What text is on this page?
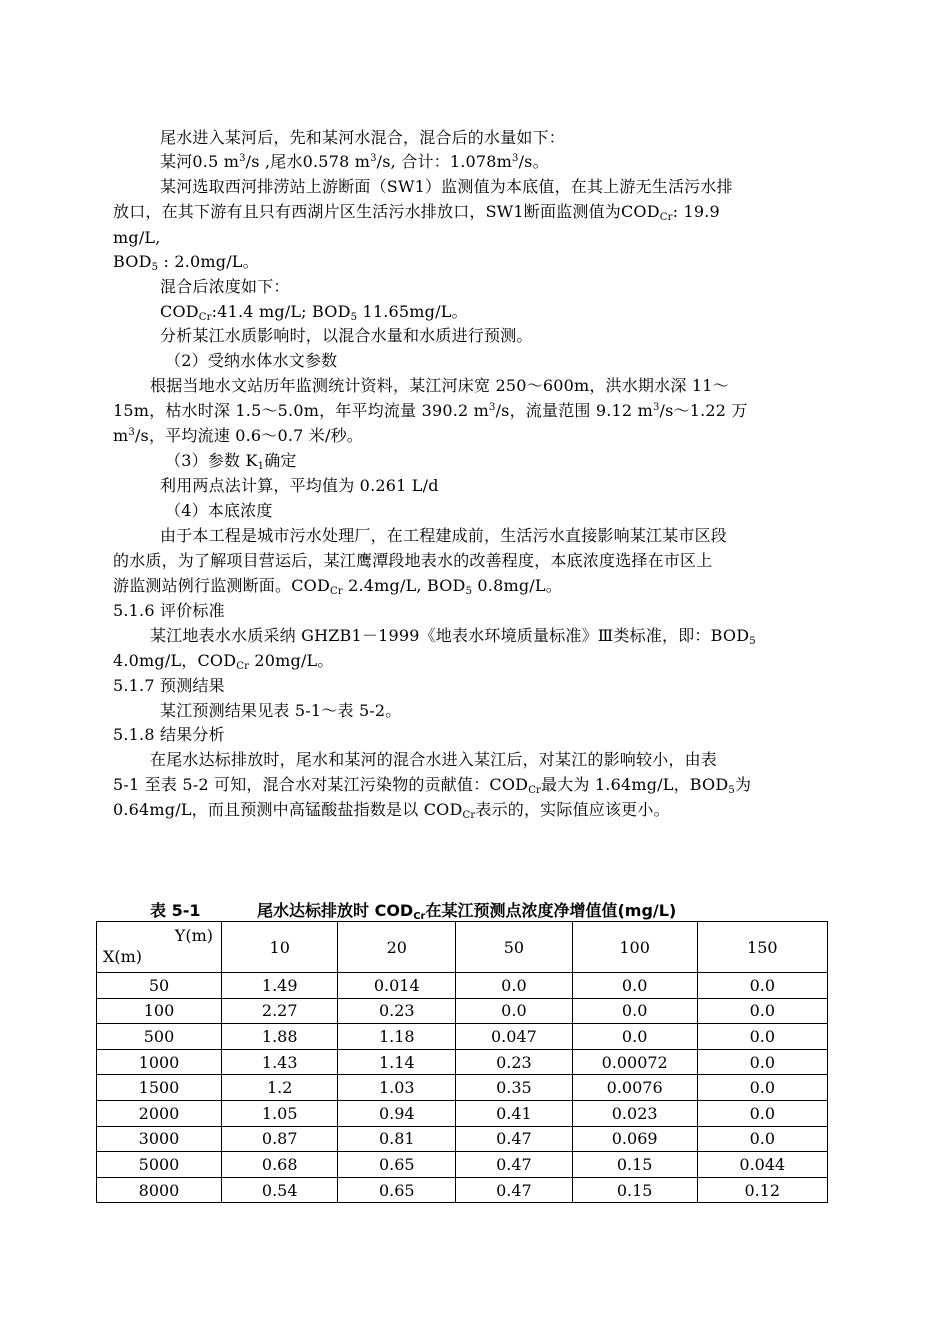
尾水进入某河后，先和某河水混合，混合后的水量如下：
某河0.5 $m^3/s$ ,尾水0.578 $m^3/s$, 合计：$1.078m^3/s$。
某河选取西河排涝站上游断面（SW1）监测值为本底值，在其上游无生活污水排
放口，在其下游有且只有西湖片区生活污水排放口，SW1断面监测值为$COD_{Cr}$: 19.9
mg/L,
$BOD_5$ : 2.0mg/L。
混合后浓度如下：
$COD_{Cr}:41.4$ mg/L; $BOD_5$ 11.65mg/L。
分析某江水质影响时，以混合水量和水质进行预测。
（2）受纳水体水文参数
根据当地水文站历年监测统计资料，某江河床宽 250～600m，洪水期水深 11～
15m，枯水时深 1.5～5.0m，年平均流量 390.2 $m^3/s$，流量范围 9.12 $m^3/s\sim 1.22$ 万
$m^3/s$，平均流速 0.6～0.7 米/秒。
（3）参数 $K_1$确定
利用两点法计算，平均值为 0.261 L/d
（4）本底浓度
由于本工程是城市污水处理厂，在工程建成前，生活污水直接影响某江某市区段
的水质，为了解项目营运后，某江鹰潭段地表水的改善程度，本底浓度选择在市区上
游监测站例行监测断面。$COD_{Cr}$ 2.4mg/L, $BOD_5$ 0.8mg/L。
5.1.6 评价标准
某江地表水水质采纳 GHZB1－1999《地表水环境质量标准》Ⅲ类标准，即：$BOD_5$
4.0mg/L，$COD_{Cr}$ 20mg/L。
5.1.7 预测结果
某江预测结果见表 5-1～表 5-2。
5.1.8 结果分析
在尾水达标排放时，尾水和某河的混合水进入某江后，对某江的影响较小，由表
5-1 至表 5-2 可知，混合水对某江污染物的贡献值：$COD_{Cr}$最大为 1.64mg/L，$BOD_5$为
0.64mg/L，而且预测中高锰酸盐指数是以 $COD_{Cr}$表示的，实际值应该更小。
表 5-1	尾水达标排放时 $COD_{Cr}$在某江预测点浓度净增值值(mg/L)
Y(m)
X(m)	10	20	50	100	150
50	1.49	0.014	0.0	0.0	0.0
100	2.27	0.23	0.0	0.0	0.0
500	1.88	1.18	0.047	0.0	0.0
1000	1.43	1.14	0.23	0.00072	0.0
1500	1.2	1.03	0.35	0.0076	0.0
2000	1.05	0.94	0.41	0.023	0.0
3000	0.87	0.81	0.47	0.069	0.0
5000	0.68	0.65	0.47	0.15	0.044
8000	0.54	0.65	0.47	0.15	0.12
